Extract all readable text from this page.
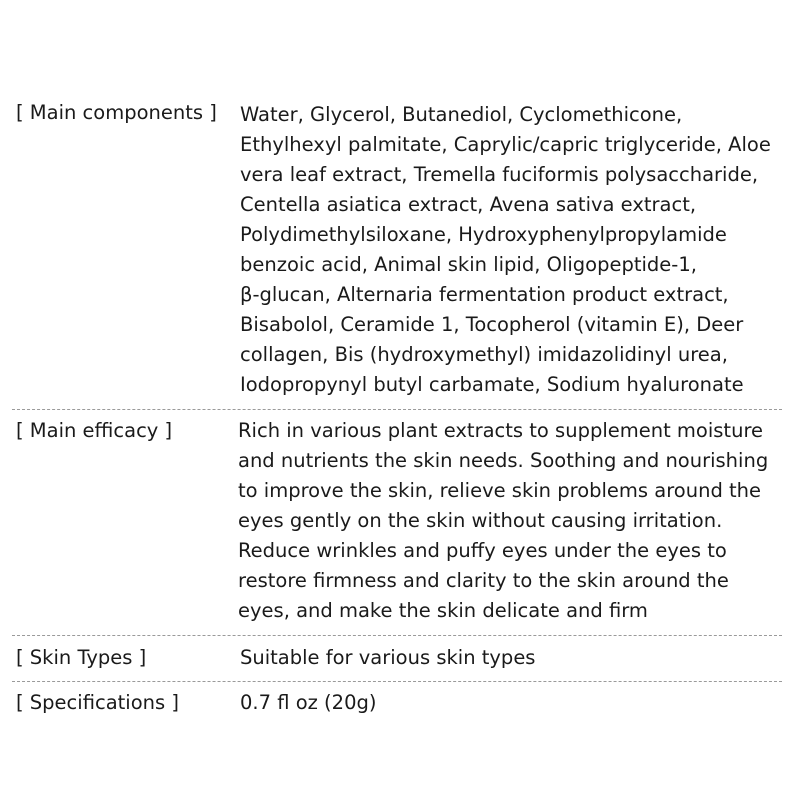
[ Main components ] Water, Glycerol, Butanediol, Cyclomethicone,
Ethylhexyl palmitate, Caprylic/capric triglyceride, Aloe
vera leaf extract, Tremella fuciformis polysaccharide,
Centella asiatica extract, Avena sativa extract,
Polydimethylsiloxane, Hydroxyphenylpropylamide
benzoic acid, Animal skin lipid, Oligopeptide-1,
β-glucan, Alternaria fermentation product extract,
Bisabolol, Ceramide 1, Tocopherol (vitamin E), Deer
collagen, Bis (hydroxymethyl) imidazolidinyl urea,
Iodopropynyl butyl carbamate, Sodium hyaluronate
[ Main efficacy ]	Rich in various plant extracts to supplement moisture
and nutrients the skin needs. Soothing and nourishing
to improve the skin, relieve skin problems around the
eyes gently on the skin without causing irritation.
Reduce wrinkles and puffy eyes under the eyes to
restore firmness and clarity to the skin around the
eyes, and make the skin delicate and firm
[ Skin Types ]	Suitable for various skin types
[ Specifications ]	0.7 fl oz (20g)
